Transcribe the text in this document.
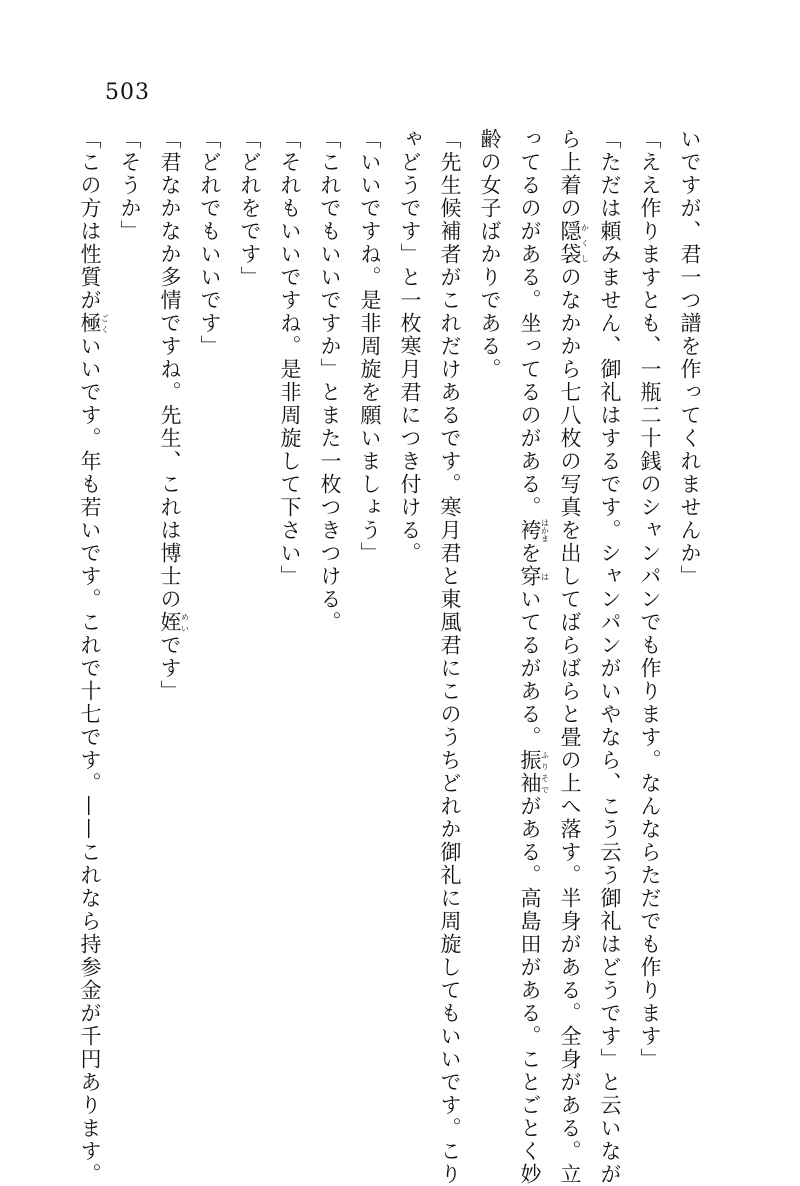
503
いですが、君一つ譜を作ってくれませんか」
「ええ作りますとも、一瓶二十銭のシャンパンでも作ります。なんならただでも作ります」
「ただは頼みません、御礼はするです。シャンパンがいやなら、こう云う御礼はどうです」と云いなが
ら上着の隠袋かくしのなかから七八枚の写真を出してばらばらと畳の上へ落す。半身がある。全身がある。立
ってるのがある。坐ってるのがある。袴はかまを穿はいてるがある。振袖ふりそでがある。高島田がある。ことごとく妙
齢の女子ばかりである。
「先生候補者がこれだけあるです。寒月君と東風君にこのうちどれか御礼に周旋してもいいです。こり
ゃどうです」と一枚寒月君につき付ける。
「いいですね。是非周旋を願いましょう」
「これでもいいですか」とまた一枚つきつける。
「それもいいですね。是非周旋して下さい」
「どれをです」
「どれでもいいです」
「君なかなか多情ですね。先生、これは博士の姪めいです」
「そうか」
「この方は性質が極ごくいいです。年も若いです。これで十七です。——これなら持参金が千円あります。
